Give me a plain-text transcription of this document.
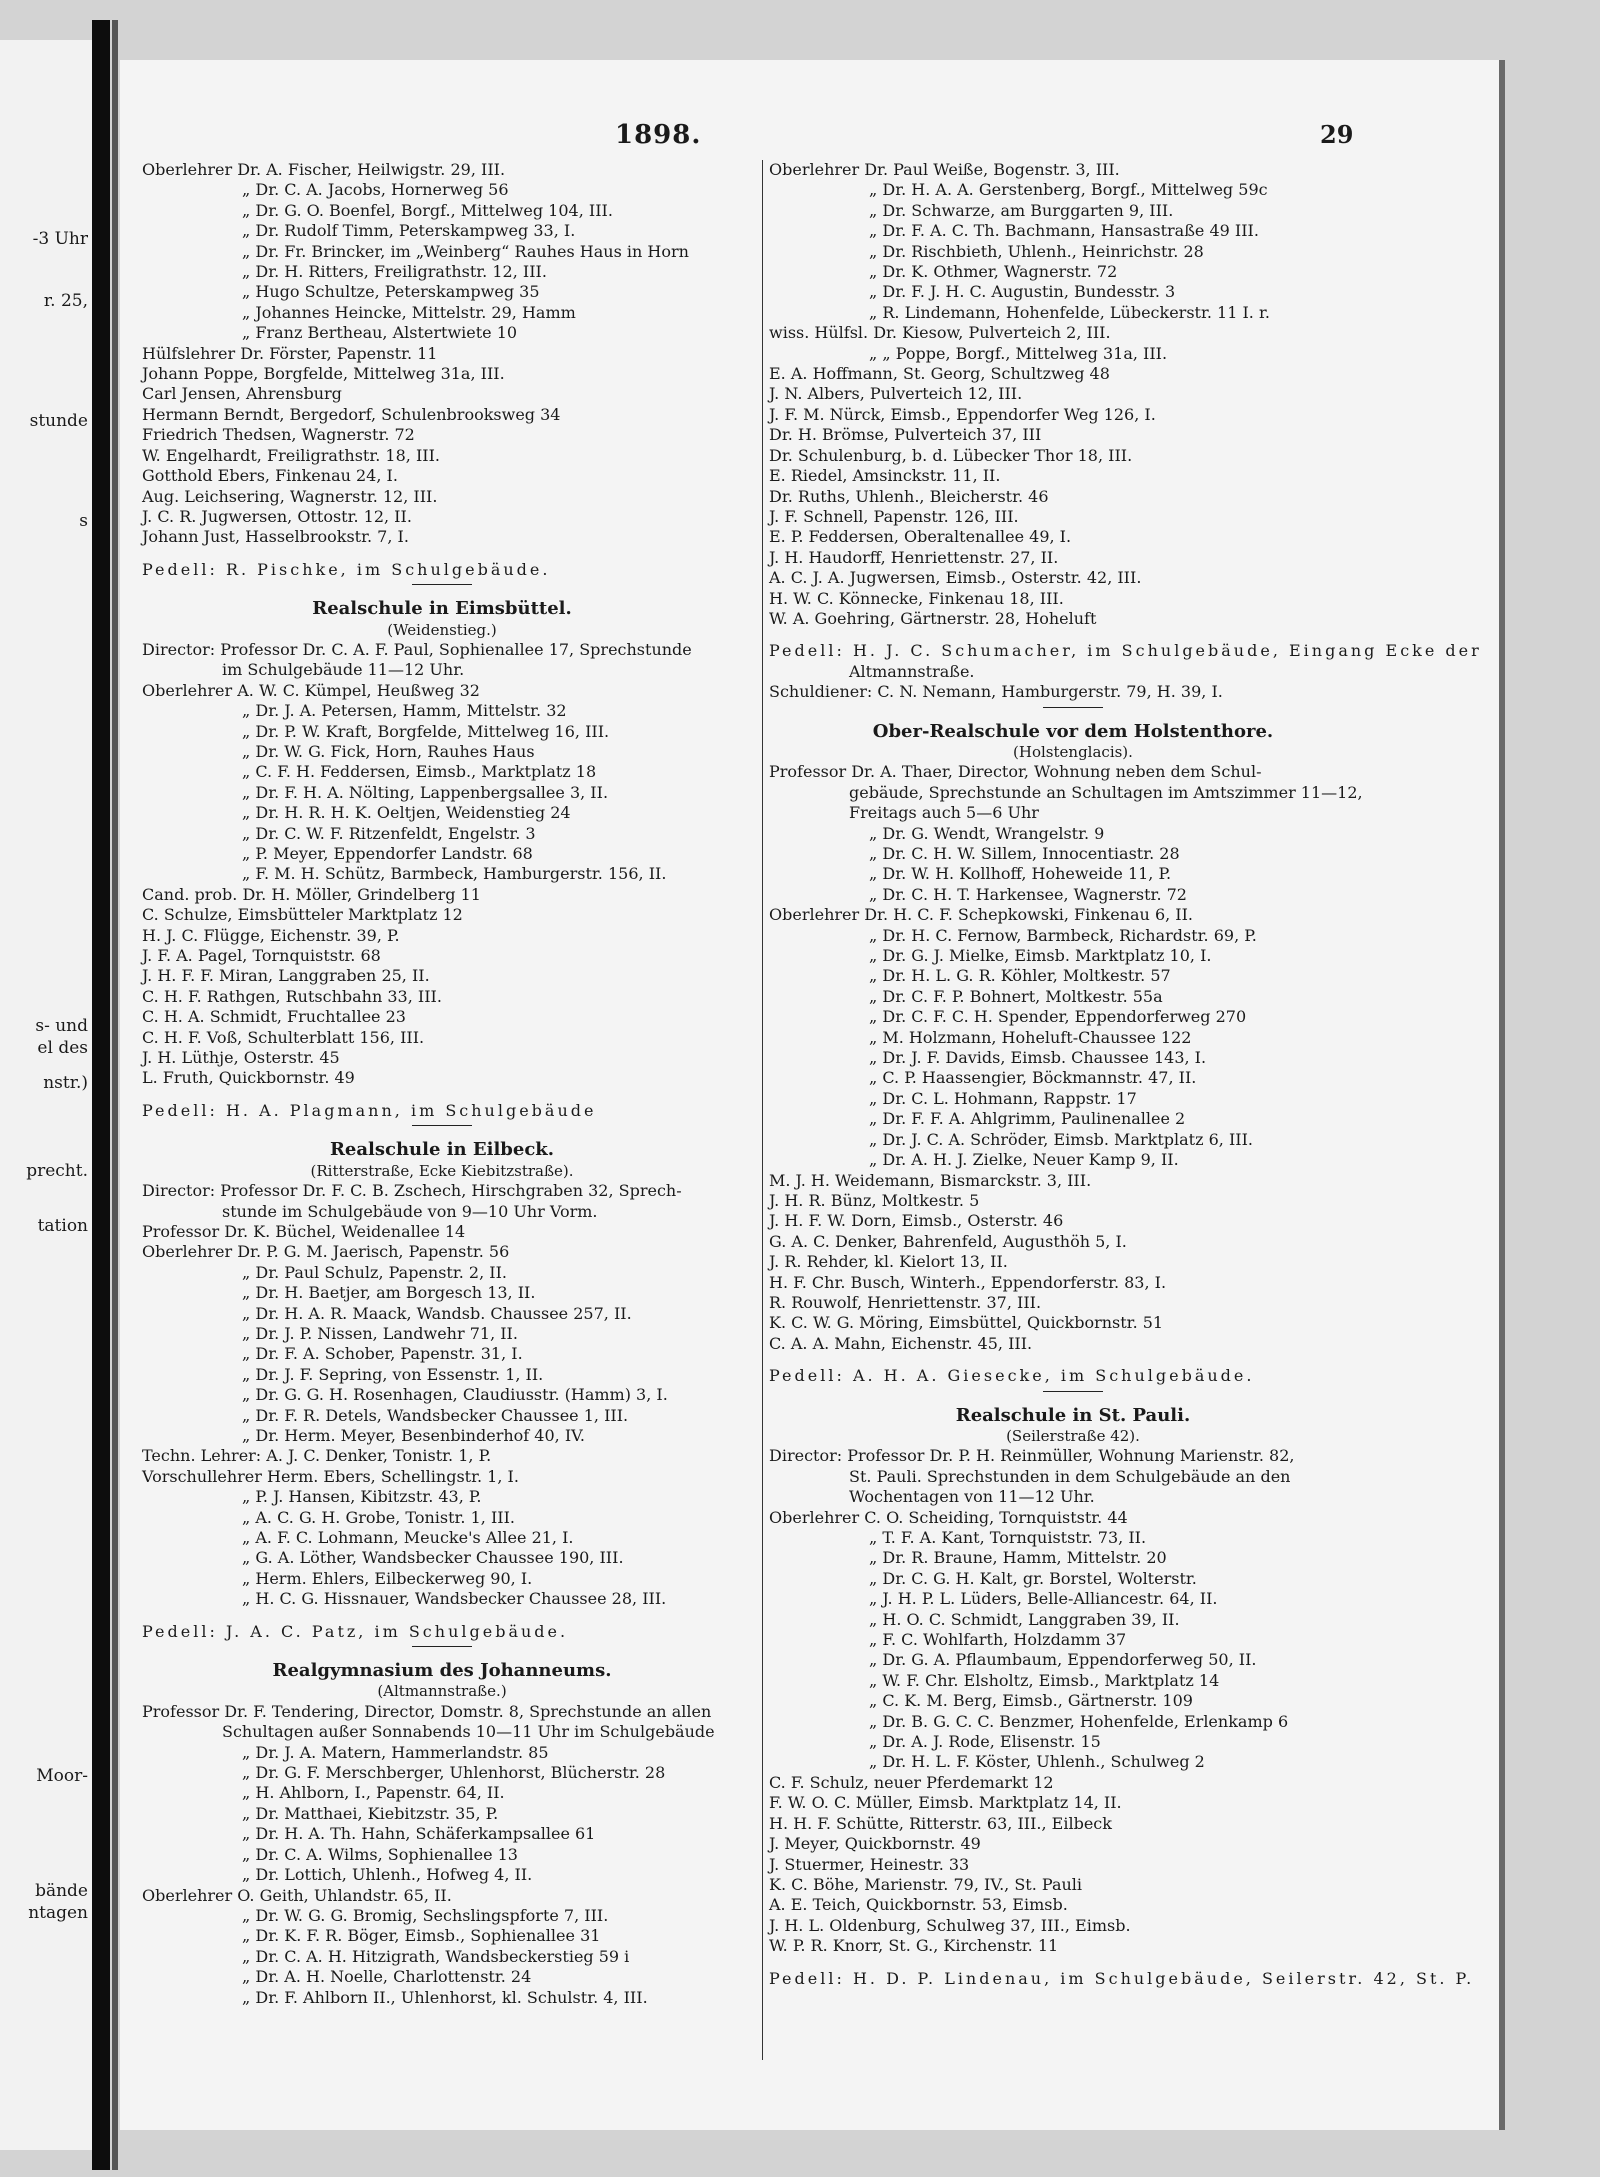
-3 Uhr
r. 25,
stunde
s
s- und
el des
nstr.)
precht.
tation
Moor-
bände
ntagen
1898.	29
Oberlehrer Dr. A. Fischer, Heilwigstr. 29, III.
„ Dr. C. A. Jacobs, Hornerweg 56
„ Dr. G. O. Boenfel, Borgf., Mittelweg 104, III.
„ Dr. Rudolf Timm, Peterskampweg 33, I.
„ Dr. Fr. Brincker, im „Weinberg“ Rauhes Haus in Horn
„ Dr. H. Ritters, Freiligrathstr. 12, III.
„ Hugo Schultze, Peterskampweg 35
„ Johannes Heincke, Mittelstr. 29, Hamm
„ Franz Bertheau, Alstertwiete 10
Hülfslehrer Dr. Förster, Papenstr. 11
Johann Poppe, Borgfelde, Mittelweg 31a, III.
Carl Jensen, Ahrensburg
Hermann Berndt, Bergedorf, Schulenbrooksweg 34
Friedrich Thedsen, Wagnerstr. 72
W. Engelhardt, Freiligrathstr. 18, III.
Gotthold Ebers, Finkenau 24, I.
Aug. Leichsering, Wagnerstr. 12, III.
J. C. R. Jugwersen, Ottostr. 12, II.
Johann Just, Hasselbrookstr. 7, I.
Pedell: R. Pischke, im Schulgebäude.
Realschule in Eimsbüttel.
(Weidenstieg.)
Director: Professor Dr. C. A. F. Paul, Sophienallee 17, Sprechstunde
im Schulgebäude 11—12 Uhr.
Oberlehrer A. W. C. Kümpel, Heußweg 32
„ Dr. J. A. Petersen, Hamm, Mittelstr. 32
„ Dr. P. W. Kraft, Borgfelde, Mittelweg 16, III.
„ Dr. W. G. Fick, Horn, Rauhes Haus
„ C. F. H. Feddersen, Eimsb., Marktplatz 18
„ Dr. F. H. A. Nölting, Lappenbergsallee 3, II.
„ Dr. H. R. H. K. Oeltjen, Weidenstieg 24
„ Dr. C. W. F. Ritzenfeldt, Engelstr. 3
„ P. Meyer, Eppendorfer Landstr. 68
„ F. M. H. Schütz, Barmbeck, Hamburgerstr. 156, II.
Cand. prob. Dr. H. Möller, Grindelberg 11
C. Schulze, Eimsbütteler Marktplatz 12
H. J. C. Flügge, Eichenstr. 39, P.
J. F. A. Pagel, Tornquiststr. 68
J. H. F. F. Miran, Langgraben 25, II.
C. H. F. Rathgen, Rutschbahn 33, III.
C. H. A. Schmidt, Fruchtallee 23
C. H. F. Voß, Schulterblatt 156, III.
J. H. Lüthje, Osterstr. 45
L. Fruth, Quickbornstr. 49
Pedell: H. A. Plagmann, im Schulgebäude
Realschule in Eilbeck.
(Ritterstraße, Ecke Kiebitzstraße).
Director: Professor Dr. F. C. B. Zschech, Hirschgraben 32, Sprech-
stunde im Schulgebäude von 9—10 Uhr Vorm.
Professor Dr. K. Büchel, Weidenallee 14
Oberlehrer Dr. P. G. M. Jaerisch, Papenstr. 56
„ Dr. Paul Schulz, Papenstr. 2, II.
„ Dr. H. Baetjer, am Borgesch 13, II.
„ Dr. H. A. R. Maack, Wandsb. Chaussee 257, II.
„ Dr. J. P. Nissen, Landwehr 71, II.
„ Dr. F. A. Schober, Papenstr. 31, I.
„ Dr. J. F. Sepring, von Essenstr. 1, II.
„ Dr. G. G. H. Rosenhagen, Claudiusstr. (Hamm) 3, I.
„ Dr. F. R. Detels, Wandsbecker Chaussee 1, III.
„ Dr. Herm. Meyer, Besenbinderhof 40, IV.
Techn. Lehrer: A. J. C. Denker, Tonistr. 1, P.
Vorschullehrer Herm. Ebers, Schellingstr. 1, I.
„ P. J. Hansen, Kibitzstr. 43, P.
„ A. C. G. H. Grobe, Tonistr. 1, III.
„ A. F. C. Lohmann, Meucke's Allee 21, I.
„ G. A. Löther, Wandsbecker Chaussee 190, III.
„ Herm. Ehlers, Eilbeckerweg 90, I.
„ H. C. G. Hissnauer, Wandsbecker Chaussee 28, III.
Pedell: J. A. C. Patz, im Schulgebäude.
Realgymnasium des Johanneums.
(Altmannstraße.)
Professor Dr. F. Tendering, Director, Domstr. 8, Sprechstunde an allen
Schultagen außer Sonnabends 10—11 Uhr im Schulgebäude
„ Dr. J. A. Matern, Hammerlandstr. 85
„ Dr. G. F. Merschberger, Uhlenhorst, Blücherstr. 28
„ H. Ahlborn, I., Papenstr. 64, II.
„ Dr. Matthaei, Kiebitzstr. 35, P.
„ Dr. H. A. Th. Hahn, Schäferkampsallee 61
„ Dr. C. A. Wilms, Sophienallee 13
„ Dr. Lottich, Uhlenh., Hofweg 4, II.
Oberlehrer O. Geith, Uhlandstr. 65, II.
„ Dr. W. G. G. Bromig, Sechslingspforte 7, III.
„ Dr. K. F. R. Böger, Eimsb., Sophienallee 31
„ Dr. C. A. H. Hitzigrath, Wandsbeckerstieg 59 i
„ Dr. A. H. Noelle, Charlottenstr. 24
„ Dr. F. Ahlborn II., Uhlenhorst, kl. Schulstr. 4, III.
Oberlehrer Dr. Paul Weiße, Bogenstr. 3, III.
„ Dr. H. A. A. Gerstenberg, Borgf., Mittelweg 59c
„ Dr. Schwarze, am Burggarten 9, III.
„ Dr. F. A. C. Th. Bachmann, Hansastraße 49 III.
„ Dr. Rischbieth, Uhlenh., Heinrichstr. 28
„ Dr. K. Othmer, Wagnerstr. 72
„ Dr. F. J. H. C. Augustin, Bundesstr. 3
„ R. Lindemann, Hohenfelde, Lübeckerstr. 11 I. r.
wiss. Hülfsl. Dr. Kiesow, Pulverteich 2, III.
„ „ Poppe, Borgf., Mittelweg 31a, III.
E. A. Hoffmann, St. Georg, Schultzweg 48
J. N. Albers, Pulverteich 12, III.
J. F. M. Nürck, Eimsb., Eppendorfer Weg 126, I.
Dr. H. Brömse, Pulverteich 37, III
Dr. Schulenburg, b. d. Lübecker Thor 18, III.
E. Riedel, Amsinckstr. 11, II.
Dr. Ruths, Uhlenh., Bleicherstr. 46
J. F. Schnell, Papenstr. 126, III.
E. P. Feddersen, Oberaltenallee 49, I.
J. H. Haudorff, Henriettenstr. 27, II.
A. C. J. A. Jugwersen, Eimsb., Osterstr. 42, III.
H. W. C. Könnecke, Finkenau 18, III.
W. A. Goehring, Gärtnerstr. 28, Hoheluft
Pedell: H. J. C. Schumacher, im Schulgebäude, Eingang Ecke der
Altmannstraße.
Schuldiener: C. N. Nemann, Hamburgerstr. 79, H. 39, I.
Ober-Realschule vor dem Holstenthore.
(Holstenglacis).
Professor Dr. A. Thaer, Director, Wohnung neben dem Schul-
gebäude, Sprechstunde an Schultagen im Amtszimmer 11—12,
Freitags auch 5—6 Uhr
„ Dr. G. Wendt, Wrangelstr. 9
„ Dr. C. H. W. Sillem, Innocentiastr. 28
„ Dr. W. H. Kollhoff, Hoheweide 11, P.
„ Dr. C. H. T. Harkensee, Wagnerstr. 72
Oberlehrer Dr. H. C. F. Schepkowski, Finkenau 6, II.
„ Dr. H. C. Fernow, Barmbeck, Richardstr. 69, P.
„ Dr. G. J. Mielke, Eimsb. Marktplatz 10, I.
„ Dr. H. L. G. R. Köhler, Moltkestr. 57
„ Dr. C. F. P. Bohnert, Moltkestr. 55a
„ Dr. C. F. C. H. Spender, Eppendorferweg 270
„ M. Holzmann, Hoheluft-Chaussee 122
„ Dr. J. F. Davids, Eimsb. Chaussee 143, I.
„ C. P. Haassengier, Böckmannstr. 47, II.
„ Dr. C. L. Hohmann, Rappstr. 17
„ Dr. F. F. A. Ahlgrimm, Paulinenallee 2
„ Dr. J. C. A. Schröder, Eimsb. Marktplatz 6, III.
„ Dr. A. H. J. Zielke, Neuer Kamp 9, II.
M. J. H. Weidemann, Bismarckstr. 3, III.
J. H. R. Bünz, Moltkestr. 5
J. H. F. W. Dorn, Eimsb., Osterstr. 46
G. A. C. Denker, Bahrenfeld, Augusthöh 5, I.
J. R. Rehder, kl. Kielort 13, II.
H. F. Chr. Busch, Winterh., Eppendorferstr. 83, I.
R. Rouwolf, Henriettenstr. 37, III.
K. C. W. G. Möring, Eimsbüttel, Quickbornstr. 51
C. A. A. Mahn, Eichenstr. 45, III.
Pedell: A. H. A. Giesecke, im Schulgebäude.
Realschule in St. Pauli.
(Seilerstraße 42).
Director: Professor Dr. P. H. Reinmüller, Wohnung Marienstr. 82,
St. Pauli. Sprechstunden in dem Schulgebäude an den
Wochentagen von 11—12 Uhr.
Oberlehrer C. O. Scheiding, Tornquiststr. 44
„ T. F. A. Kant, Tornquiststr. 73, II.
„ Dr. R. Braune, Hamm, Mittelstr. 20
„ Dr. C. G. H. Kalt, gr. Borstel, Wolterstr.
„ J. H. P. L. Lüders, Belle-Alliancestr. 64, II.
„ H. O. C. Schmidt, Langgraben 39, II.
„ F. C. Wohlfarth, Holzdamm 37
„ Dr. G. A. Pflaumbaum, Eppendorferweg 50, II.
„ W. F. Chr. Elsholtz, Eimsb., Marktplatz 14
„ C. K. M. Berg, Eimsb., Gärtnerstr. 109
„ Dr. B. G. C. C. Benzmer, Hohenfelde, Erlenkamp 6
„ Dr. A. J. Rode, Elisenstr. 15
„ Dr. H. L. F. Köster, Uhlenh., Schulweg 2
C. F. Schulz, neuer Pferdemarkt 12
F. W. O. C. Müller, Eimsb. Marktplatz 14, II.
H. H. F. Schütte, Ritterstr. 63, III., Eilbeck
J. Meyer, Quickbornstr. 49
J. Stuermer, Heinestr. 33
K. C. Böhe, Marienstr. 79, IV., St. Pauli
A. E. Teich, Quickbornstr. 53, Eimsb.
J. H. L. Oldenburg, Schulweg 37, III., Eimsb.
W. P. R. Knorr, St. G., Kirchenstr. 11
Pedell: H. D. P. Lindenau, im Schulgebäude, Seilerstr. 42, St. P.
